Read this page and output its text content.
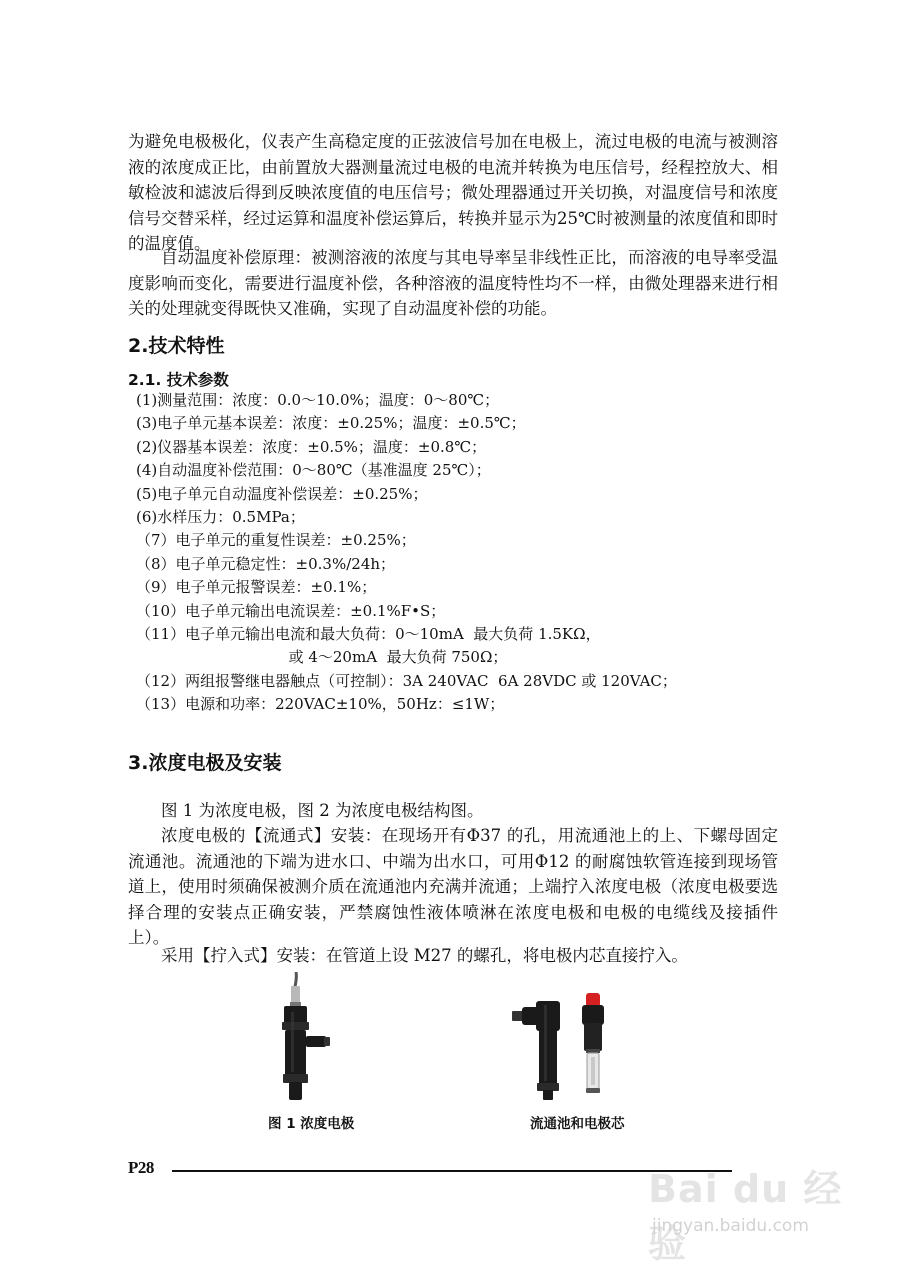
为避免电极极化，仪表产生高稳定度的正弦波信号加在电极上，流过电极的电流与被测溶液的浓度成正比，由前置放大器测量流过电极的电流并转换为电压信号，经程控放大、相敏检波和滤波后得到反映浓度值的电压信号；微处理器通过开关切换，对温度信号和浓度信号交替采样，经过运算和温度补偿运算后，转换并显示为25℃时被测量的浓度值和即时的温度值。

自动温度补偿原理：被测溶液的浓度与其电导率呈非线性正比，而溶液的电导率受温度影响而变化，需要进行温度补偿，各种溶液的温度特性均不一样，由微处理器来进行相关的处理就变得既快又准确，实现了自动温度补偿的功能。

2.技术特性
2.1. 技术参数
(1)测量范围：浓度：0.0～10.0%；温度：0～80℃；
(3)电子单元基本误差：浓度：±0.25%；温度：±0.5℃；
(2)仪器基本误差：浓度：±0.5%；温度：±0.8℃；
(4)自动温度补偿范围：0～80℃（基准温度 25℃）；
(5)电子单元自动温度补偿误差：±0.25%；
(6)水样压力：0.5MPa；
（7）电子单元的重复性误差：±0.25%；
（8）电子单元稳定性：±0.3%/24h；
（9）电子单元报警误差：±0.1%；
（10）电子单元输出电流误差：±0.1%F•S；
（11）电子单元输出电流和最大负荷：0～10mA  最大负荷 1.5KΩ，
或 4～20mA  最大负荷 750Ω；
（12）两组报警继电器触点（可控制）：3A 240VAC  6A 28VDC 或 120VAC；
（13）电源和功率：220VAC±10%，50Hz：≤1W；
3.浓度电极及安装

图 1 为浓度电极，图 2 为浓度电极结构图。

浓度电极的【流通式】安装：在现场开有Φ37 的孔，用流通池上的上、下螺母固定流通池。流通池的下端为进水口、中端为出水口，可用Φ12 的耐腐蚀软管连接到现场管道上，使用时须确保被测介质在流通池内充满并流通；上端拧入浓度电极（浓度电极要选择合理的安装点正确安装，严禁腐蚀性液体喷淋在浓度电极和电极的电缆线及接插件上）。

采用【拧入式】安装：在管道上设 M27 的螺孔，将电极内芯直接拧入。

图 1 浓度电极	流通池和电极芯

P28	Bai du 经验
jingyan.baidu.com
